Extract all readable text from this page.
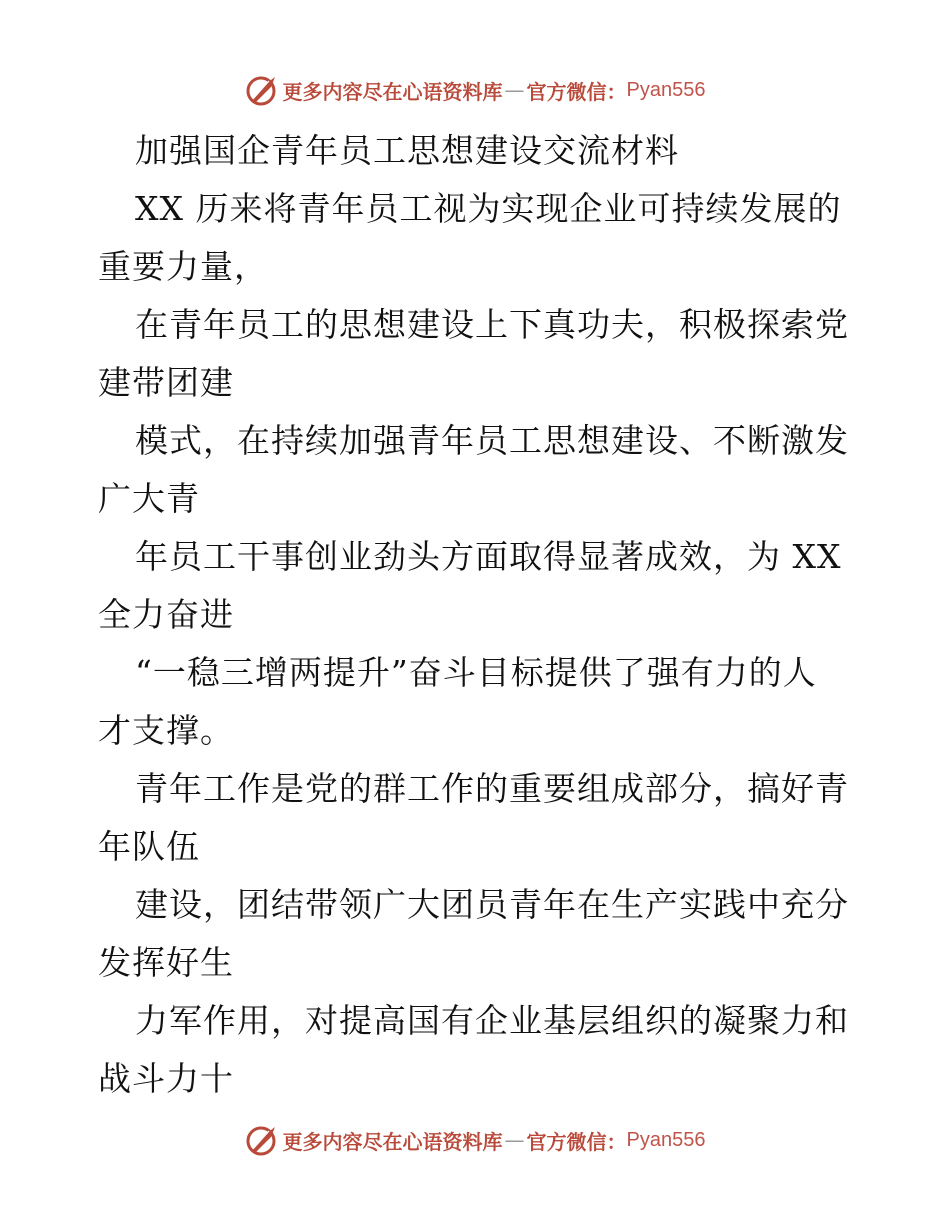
更多内容尽在心语资料库 — 官方微信： Pyan556
加强国企青年员工思想建设交流材料
XX 历来将青年员工视为实现企业可持续发展的
重要力量，
在青年员工的思想建设上下真功夫，积极探索党
建带团建
模式，在持续加强青年员工思想建设、不断激发
广大青
年员工干事创业劲头方面取得显著成效，为 XX
全力奋进
“一稳三增两提升”奋斗目标提供了强有力的人
才支撑。
青年工作是党的群工作的重要组成部分，搞好青
年队伍
建设，团结带领广大团员青年在生产实践中充分
发挥好生
力军作用，对提高国有企业基层组织的凝聚力和
战斗力十
更多内容尽在心语资料库 — 官方微信： Pyan556
